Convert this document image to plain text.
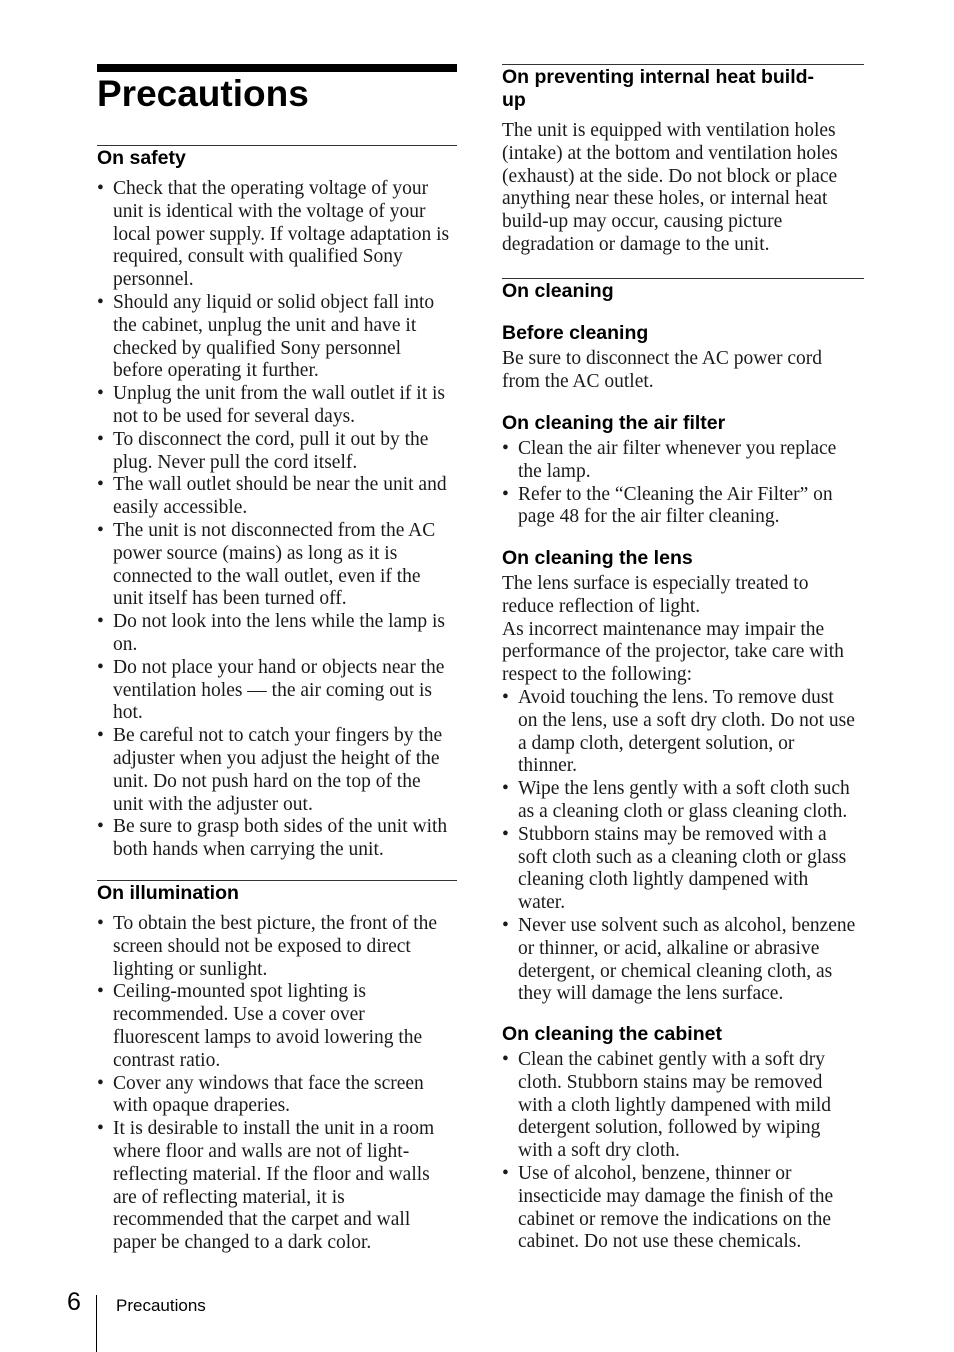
Precautions
On safety
• Check that the operating voltage of your
unit is identical with the voltage of your
local power supply. If voltage adaptation is
required, consult with qualified Sony
personnel.
• Should any liquid or solid object fall into
the cabinet, unplug the unit and have it
checked by qualified Sony personnel
before operating it further.
• Unplug the unit from the wall outlet if it is
not to be used for several days.
• To disconnect the cord, pull it out by the
plug. Never pull the cord itself.
• The wall outlet should be near the unit and
easily accessible.
• The unit is not disconnected from the AC
power source (mains) as long as it is
connected to the wall outlet, even if the
unit itself has been turned off.
• Do not look into the lens while the lamp is
on.
• Do not place your hand or objects near the
ventilation holes — the air coming out is
hot.
• Be careful not to catch your fingers by the
adjuster when you adjust the height of the
unit. Do not push hard on the top of the
unit with the adjuster out.
• Be sure to grasp both sides of the unit with
both hands when carrying the unit.
On illumination
• To obtain the best picture, the front of the
screen should not be exposed to direct
lighting or sunlight.
• Ceiling-mounted spot lighting is
recommended. Use a cover over
fluorescent lamps to avoid lowering the
contrast ratio.
• Cover any windows that face the screen
with opaque draperies.
• It is desirable to install the unit in a room
where floor and walls are not of light-
reflecting material. If the floor and walls
are of reflecting material, it is
recommended that the carpet and wall
paper be changed to a dark color.
On preventing internal heat build-
up

The unit is equipped with ventilation holes
(intake) at the bottom and ventilation holes
(exhaust) at the side. Do not block or place
anything near these holes, or internal heat
build-up may occur, causing picture
degradation or damage to the unit.

On cleaning
Before cleaning

Be sure to disconnect the AC power cord
from the AC outlet.

On cleaning the air filter
• Clean the air filter whenever you replace
the lamp.
• Refer to the “Cleaning the Air Filter” on
page 48 for the air filter cleaning.
On cleaning the lens

The lens surface is especially treated to
reduce reflection of light.
As incorrect maintenance may impair the
performance of the projector, take care with
respect to the following:

• Avoid touching the lens. To remove dust
on the lens, use a soft dry cloth. Do not use
a damp cloth, detergent solution, or
thinner.
• Wipe the lens gently with a soft cloth such
as a cleaning cloth or glass cleaning cloth.
• Stubborn stains may be removed with a
soft cloth such as a cleaning cloth or glass
cleaning cloth lightly dampened with
water.
• Never use solvent such as alcohol, benzene
or thinner, or acid, alkaline or abrasive
detergent, or chemical cleaning cloth, as
they will damage the lens surface.
On cleaning the cabinet
• Clean the cabinet gently with a soft dry
cloth. Stubborn stains may be removed
with a cloth lightly dampened with mild
detergent solution, followed by wiping
with a soft dry cloth.
• Use of alcohol, benzene, thinner or
insecticide may damage the finish of the
cabinet or remove the indications on the
cabinet. Do not use these chemicals.
6 Precautions
